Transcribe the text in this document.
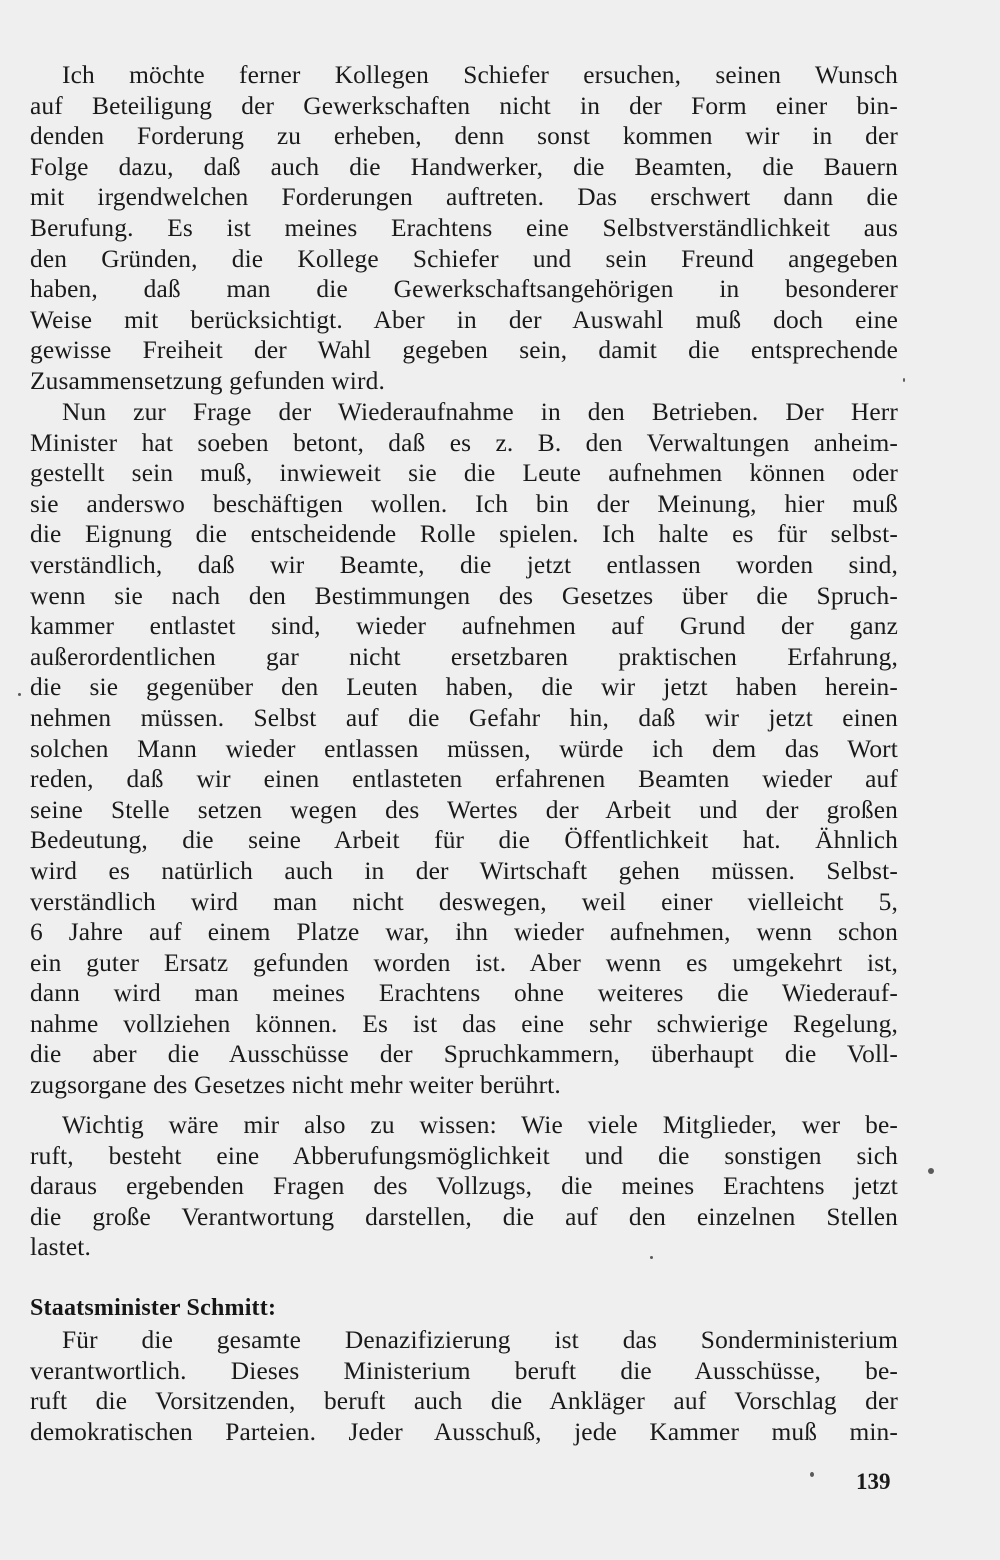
Ich möchte ferner Kollegen Schiefer ersuchen, seinen Wunsch
auf Beteiligung der Gewerkschaften nicht in der Form einer bin-
denden Forderung zu erheben, denn sonst kommen wir in der
Folge dazu, daß auch die Handwerker, die Beamten, die Bauern
mit irgendwelchen Forderungen auftreten. Das erschwert dann die
Berufung. Es ist meines Erachtens eine Selbstverständlichkeit aus
den Gründen, die Kollege Schiefer und sein Freund angegeben
haben, daß man die Gewerkschaftsangehörigen in besonderer
Weise mit berücksichtigt. Aber in der Auswahl muß doch eine
gewisse Freiheit der Wahl gegeben sein, damit die entsprechende
Zusammensetzung gefunden wird.
Nun zur Frage der Wiederaufnahme in den Betrieben. Der Herr
Minister hat soeben betont, daß es z. B. den Verwaltungen anheim-
gestellt sein muß, inwieweit sie die Leute aufnehmen können oder
sie anderswo beschäftigen wollen. Ich bin der Meinung, hier muß
die Eignung die entscheidende Rolle spielen. Ich halte es für selbst-
verständlich, daß wir Beamte, die jetzt entlassen worden sind,
wenn sie nach den Bestimmungen des Gesetzes über die Spruch-
kammer entlastet sind, wieder aufnehmen auf Grund der ganz
außerordentlichen gar nicht ersetzbaren praktischen Erfahrung,
die sie gegenüber den Leuten haben, die wir jetzt haben herein-
nehmen müssen. Selbst auf die Gefahr hin, daß wir jetzt einen
solchen Mann wieder entlassen müssen, würde ich dem das Wort
reden, daß wir einen entlasteten erfahrenen Beamten wieder auf
seine Stelle setzen wegen des Wertes der Arbeit und der großen
Bedeutung, die seine Arbeit für die Öffentlichkeit hat. Ähnlich
wird es natürlich auch in der Wirtschaft gehen müssen. Selbst-
verständlich wird man nicht deswegen, weil einer vielleicht 5,
6 Jahre auf einem Platze war, ihn wieder aufnehmen, wenn schon
ein guter Ersatz gefunden worden ist. Aber wenn es umgekehrt ist,
dann wird man meines Erachtens ohne weiteres die Wiederauf-
nahme vollziehen können. Es ist das eine sehr schwierige Regelung,
die aber die Ausschüsse der Spruchkammern, überhaupt die Voll-
zugsorgane des Gesetzes nicht mehr weiter berührt.
Wichtig wäre mir also zu wissen: Wie viele Mitglieder, wer be-
ruft, besteht eine Abberufungsmöglichkeit und die sonstigen sich
daraus ergebenden Fragen des Vollzugs, die meines Erachtens jetzt
die große Verantwortung darstellen, die auf den einzelnen Stellen
lastet.
Staatsminister Schmitt:
Für die gesamte Denazifizierung ist das Sonderministerium
verantwortlich. Dieses Ministerium beruft die Ausschüsse, be-
ruft die Vorsitzenden, beruft auch die Ankläger auf Vorschlag der
demokratischen Parteien. Jeder Ausschuß, jede Kammer muß min-
139
